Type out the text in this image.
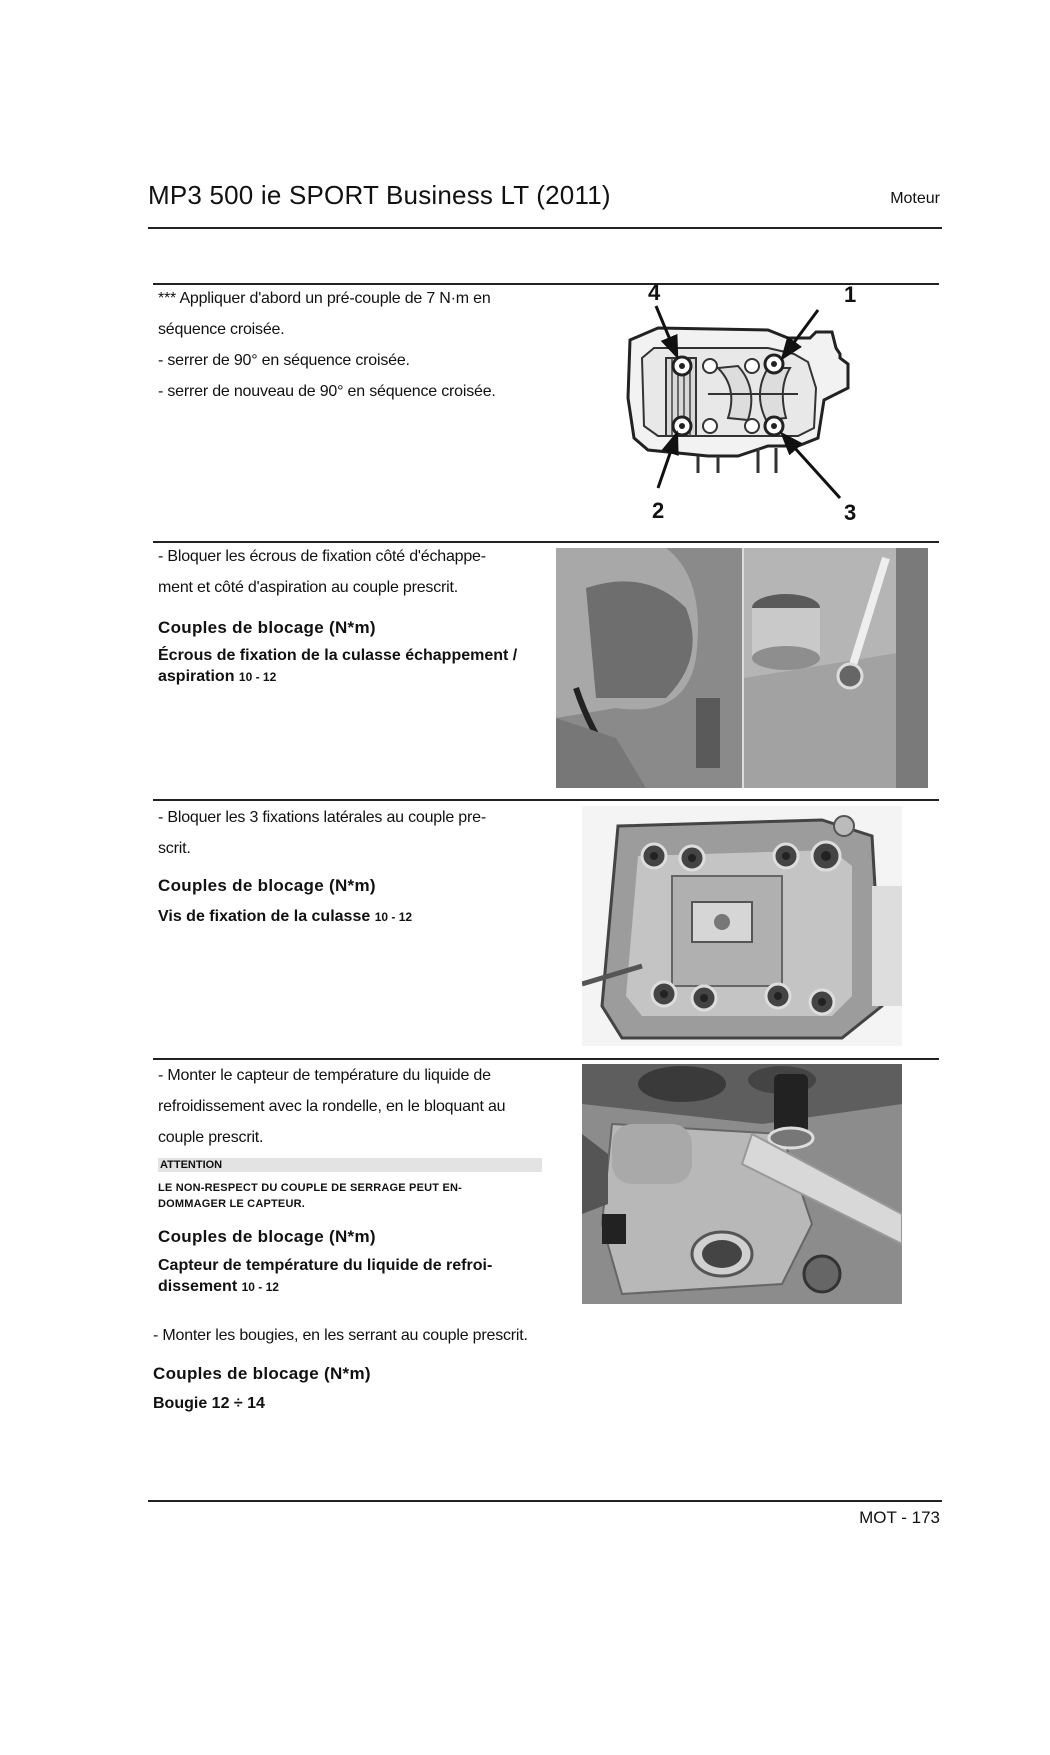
MP3 500 ie SPORT Business LT (2011)	Moteur
*** Appliquer d'abord un pré-couple de 7 N·m en
séquence croisée.
- serrer de 90° en séquence croisée.
- serrer de nouveau de 90° en séquence croisée.
4	1
2	3
- Bloquer les écrous de fixation côté d'échappe-
ment et côté d'aspiration au couple prescrit.
Couples de blocage (N*m)
Écrous de fixation de la culasse échappement /
aspiration 10 - 12
- Bloquer les 3 fixations latérales au couple pre-
scrit.
Couples de blocage (N*m)
Vis de fixation de la culasse 10 - 12
- Monter le capteur de température du liquide de
refroidissement avec la rondelle, en le bloquant au
couple prescrit.
ATTENTION
LE NON-RESPECT DU COUPLE DE SERRAGE PEUT EN-
DOMMAGER LE CAPTEUR.
Couples de blocage (N*m)
Capteur de température du liquide de refroi-
dissement 10 - 12
- Monter les bougies, en les serrant au couple prescrit.
Couples de blocage (N*m)
Bougie 12 ÷ 14
MOT - 173
